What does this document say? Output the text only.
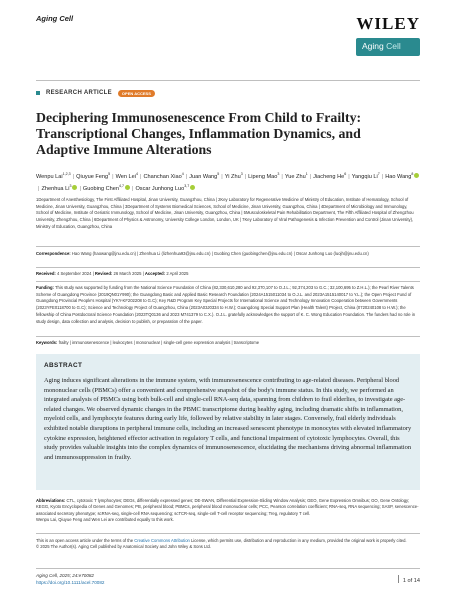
Aging Cell	WILEY
Aging Cell
RESEARCH ARTICLE	OPEN ACCESS
Deciphering Immunosenescence From Child to Frailty: Transcriptional Changes, Inflammation Dynamics, and Adaptive Immune Alterations
Wenpu Lai$^{1,2,3}$ | Qiuyue Feng$^5$ | Wen Lei$^4$ | Chanchan Xiao$^4$ | Juan Wang$^5$ | Yi Zhu$^3$ | Lipeng Mao$^3$ | Yue Zhu$^1$ | Jiacheng He$^6$ | Yangqiu Li$^7$ | Hao Wang$^8$| Zhenhua Li$^3$ | Guobing Chen$^{4,7}$ | Oscar Junhong Luo$^{3,7}$
1Department of Anesthesiology, The First Affiliated Hospital, Jinan University, Guangzhou, China | 2Key Laboratory for Regenerative Medicine of Ministry of Education, Institute of Hematology, School of Medicine, Jinan University, Guangzhou, China | 3Department of Systems Biomedical Sciences, School of Medicine, Jinan University, Guangzhou, China | 4Department of Microbiology and Immunology, School of Medicine, Institute of Geriatric Immunology, School of Medicine, Jinan University, Guangzhou, China | 5Musculoskeletal Pain Rehabilitation Department, The Fifth Affiliated Hospital of Zhengzhou University, Zhengzhou, China | 6Department of Physics & Astronomy, University College London, London, UK | 7Key Laboratory of Viral Pathogenesis & Infection Prevention and Control (Jinan University), Ministry of Education, Guangzhou, China
Correspondence: Hao Wang (haowang@jnu.edu.cn) | Zhenhua Li (lizhenhua93@jnu.edu.cn) | Guobing Chen (guobingchen@jnu.edu.cn) | Oscar Junhong Luo (luojh@jnu.edu.cn)
Received: 4 September 2024 | Revised: 26 March 2025 | Accepted: 2 April 2025
Funding: This study was supported by funding from the National Science Foundation of China (82,330,610,280 and 92,370,107 to O.J.L.; 92,374,203 to G.C.; 32,100,695 to Z.H.L.); the Pearl River Talents Scheme of Guangdong Province (2019QN01Y990); the Guangdong Basic and Applied Basic Research Foundation (2024A1515011034 to O.J.L. and 2023A1515140017 to Y.L.); the Open Project Fund of Guangdong Provincial People's Hospital (YKY-KF202208 to G.C); Key R&D Program Key Special Projects for International Science and Technology Innovation Cooperation between Governments (2023YFE0118700 to G.C); Science and Technology Project of Guangzhou, China (2023A03J0334 to H.W.); Guangdong Special Support Plan (Health Talent) Project, China (0720240108 to H.W.); the fellowship of China Postdoctoral Science Foundation (2023TQ0136 and 2023 M741379 to C.X.). O.J.L. gratefully acknowledges the support of K. C. Wong Education Foundation. The funders had no role in study design, data collection and analysis, decision to publish, or preparation of the paper.
Keywords: frailty | immunosenescence | leukocytes | mononuclear | single-cell gene expression analysis | transcriptome
ABSTRACT
Aging induces significant alterations in the immune system, with immunosenescence contributing to age-related diseases. Peripheral blood mononuclear cells (PBMCs) offer a convenient and comprehensive snapshot of the body's immune status. In this study, we performed an integrated analysis of PBMCs using both bulk-cell and single-cell RNA-seq data, spanning from children to frail elderlies, to investigate age-related changes. We observed dynamic changes in the PBMC transcriptome during healthy aging, including dramatic shifts in inflammation, myeloid cells, and lymphocyte features during early life, followed by relative stability in later stages. Conversely, frail elderly individuals exhibited notable disruptions in peripheral immune cells, including an increased senescent phenotype in monocytes with elevated inflammatory cytokine expression, heightened effector activation in regulatory T cells, and functional impairment of cytotoxic lymphocytes. Overall, this study provides valuable insights into the complex dynamics of immunosenescence, elucidating the mechanisms driving abnormal inflammation and immunosuppression in frailty.
Abbreviations: CTL, cytotoxic T lymphocytes; DEGs, differentially expressed genes; DE-SWAN, Differential Expression-Sliding Window Analysis; GEO, Gene Expression Omnibus; GO, Gene Ontology; KEGG, Kyoto Encyclopedia of Genes and Genomes; PB, peripheral blood; PBMCs, peripheral blood mononuclear cells; PCC, Pearson correlation coefficient; RNA-seq, RNA sequencing; SASP, senescence-associated secretory phenotype; scRNA-seq, single-cell RNA sequencing; scTCR-seq, single-cell T-cell receptor sequencing; Treg, regulatory T cell.
Wenpu Lai, Qiuyue Feng and Wen Lei are contributed equally to this work.
This is an open access article under the terms of the Creative Commons Attribution License, which permits use, distribution and reproduction in any medium, provided the original work is properly cited.
© 2025 The Author(s). Aging Cell published by Anatomical Society and John Wiley & Sons Ltd.
Aging Cell, 2025; 24:e70082
https://doi.org/10.1111/acel.70082	1 of 14
